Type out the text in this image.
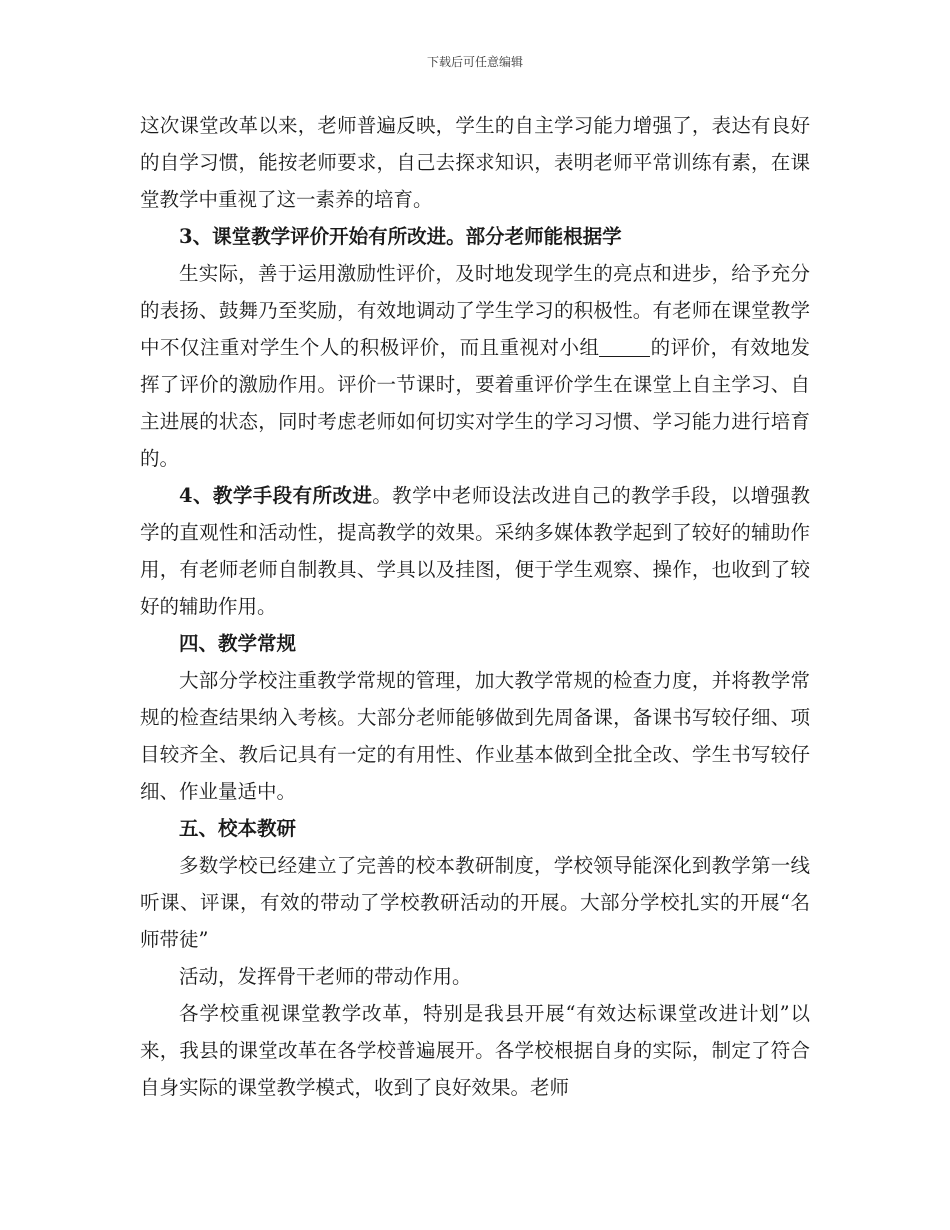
下载后可任意编辑

这次课堂改革以来，老师普遍反映，学生的自主学习能力增强了，表达有良好的自学习惯，能按老师要求，自己去探求知识，表明老师平常训练有素，在课堂教学中重视了这一素养的培育。

3、课堂教学评价开始有所改进。部分老师能根据学

生实际，善于运用激励性评价，及时地发现学生的亮点和进步，给予充分的表扬、鼓舞乃至奖励，有效地调动了学生学习的积极性。有老师在课堂教学中不仅注重对学生个人的积极评价，而且重视对小组	的评价，有效地发挥了评价的激励作用。评价一节课时，要着重评价学生在课堂上自主学习、自主进展的状态，同时考虑老师如何切实对学生的学习习惯、学习能力进行培育的。

4、教学手段有所改进。教学中老师设法改进自己的教学手段，以增强教学的直观性和活动性，提高教学的效果。采纳多媒体教学起到了较好的辅助作用，有老师老师自制教具、学具以及挂图，便于学生观察、操作，也收到了较好的辅助作用。

四、教学常规

大部分学校注重教学常规的管理，加大教学常规的检查力度，并将教学常规的检查结果纳入考核。大部分老师能够做到先周备课，备课书写较仔细、项目较齐全、教后记具有一定的有用性、作业基本做到全批全改、学生书写较仔细、作业量适中。

五、校本教研

多数学校已经建立了完善的校本教研制度，学校领导能深化到教学第一线听课、评课，有效的带动了学校教研活动的开展。大部分学校扎实的开展“名师带徒”

活动，发挥骨干老师的带动作用。

各学校重视课堂教学改革，特别是我县开展“有效达标课堂改进计划”以来，我县的课堂改革在各学校普遍展开。各学校根据自身的实际，制定了符合自身实际的课堂教学模式，收到了良好效果。老师
